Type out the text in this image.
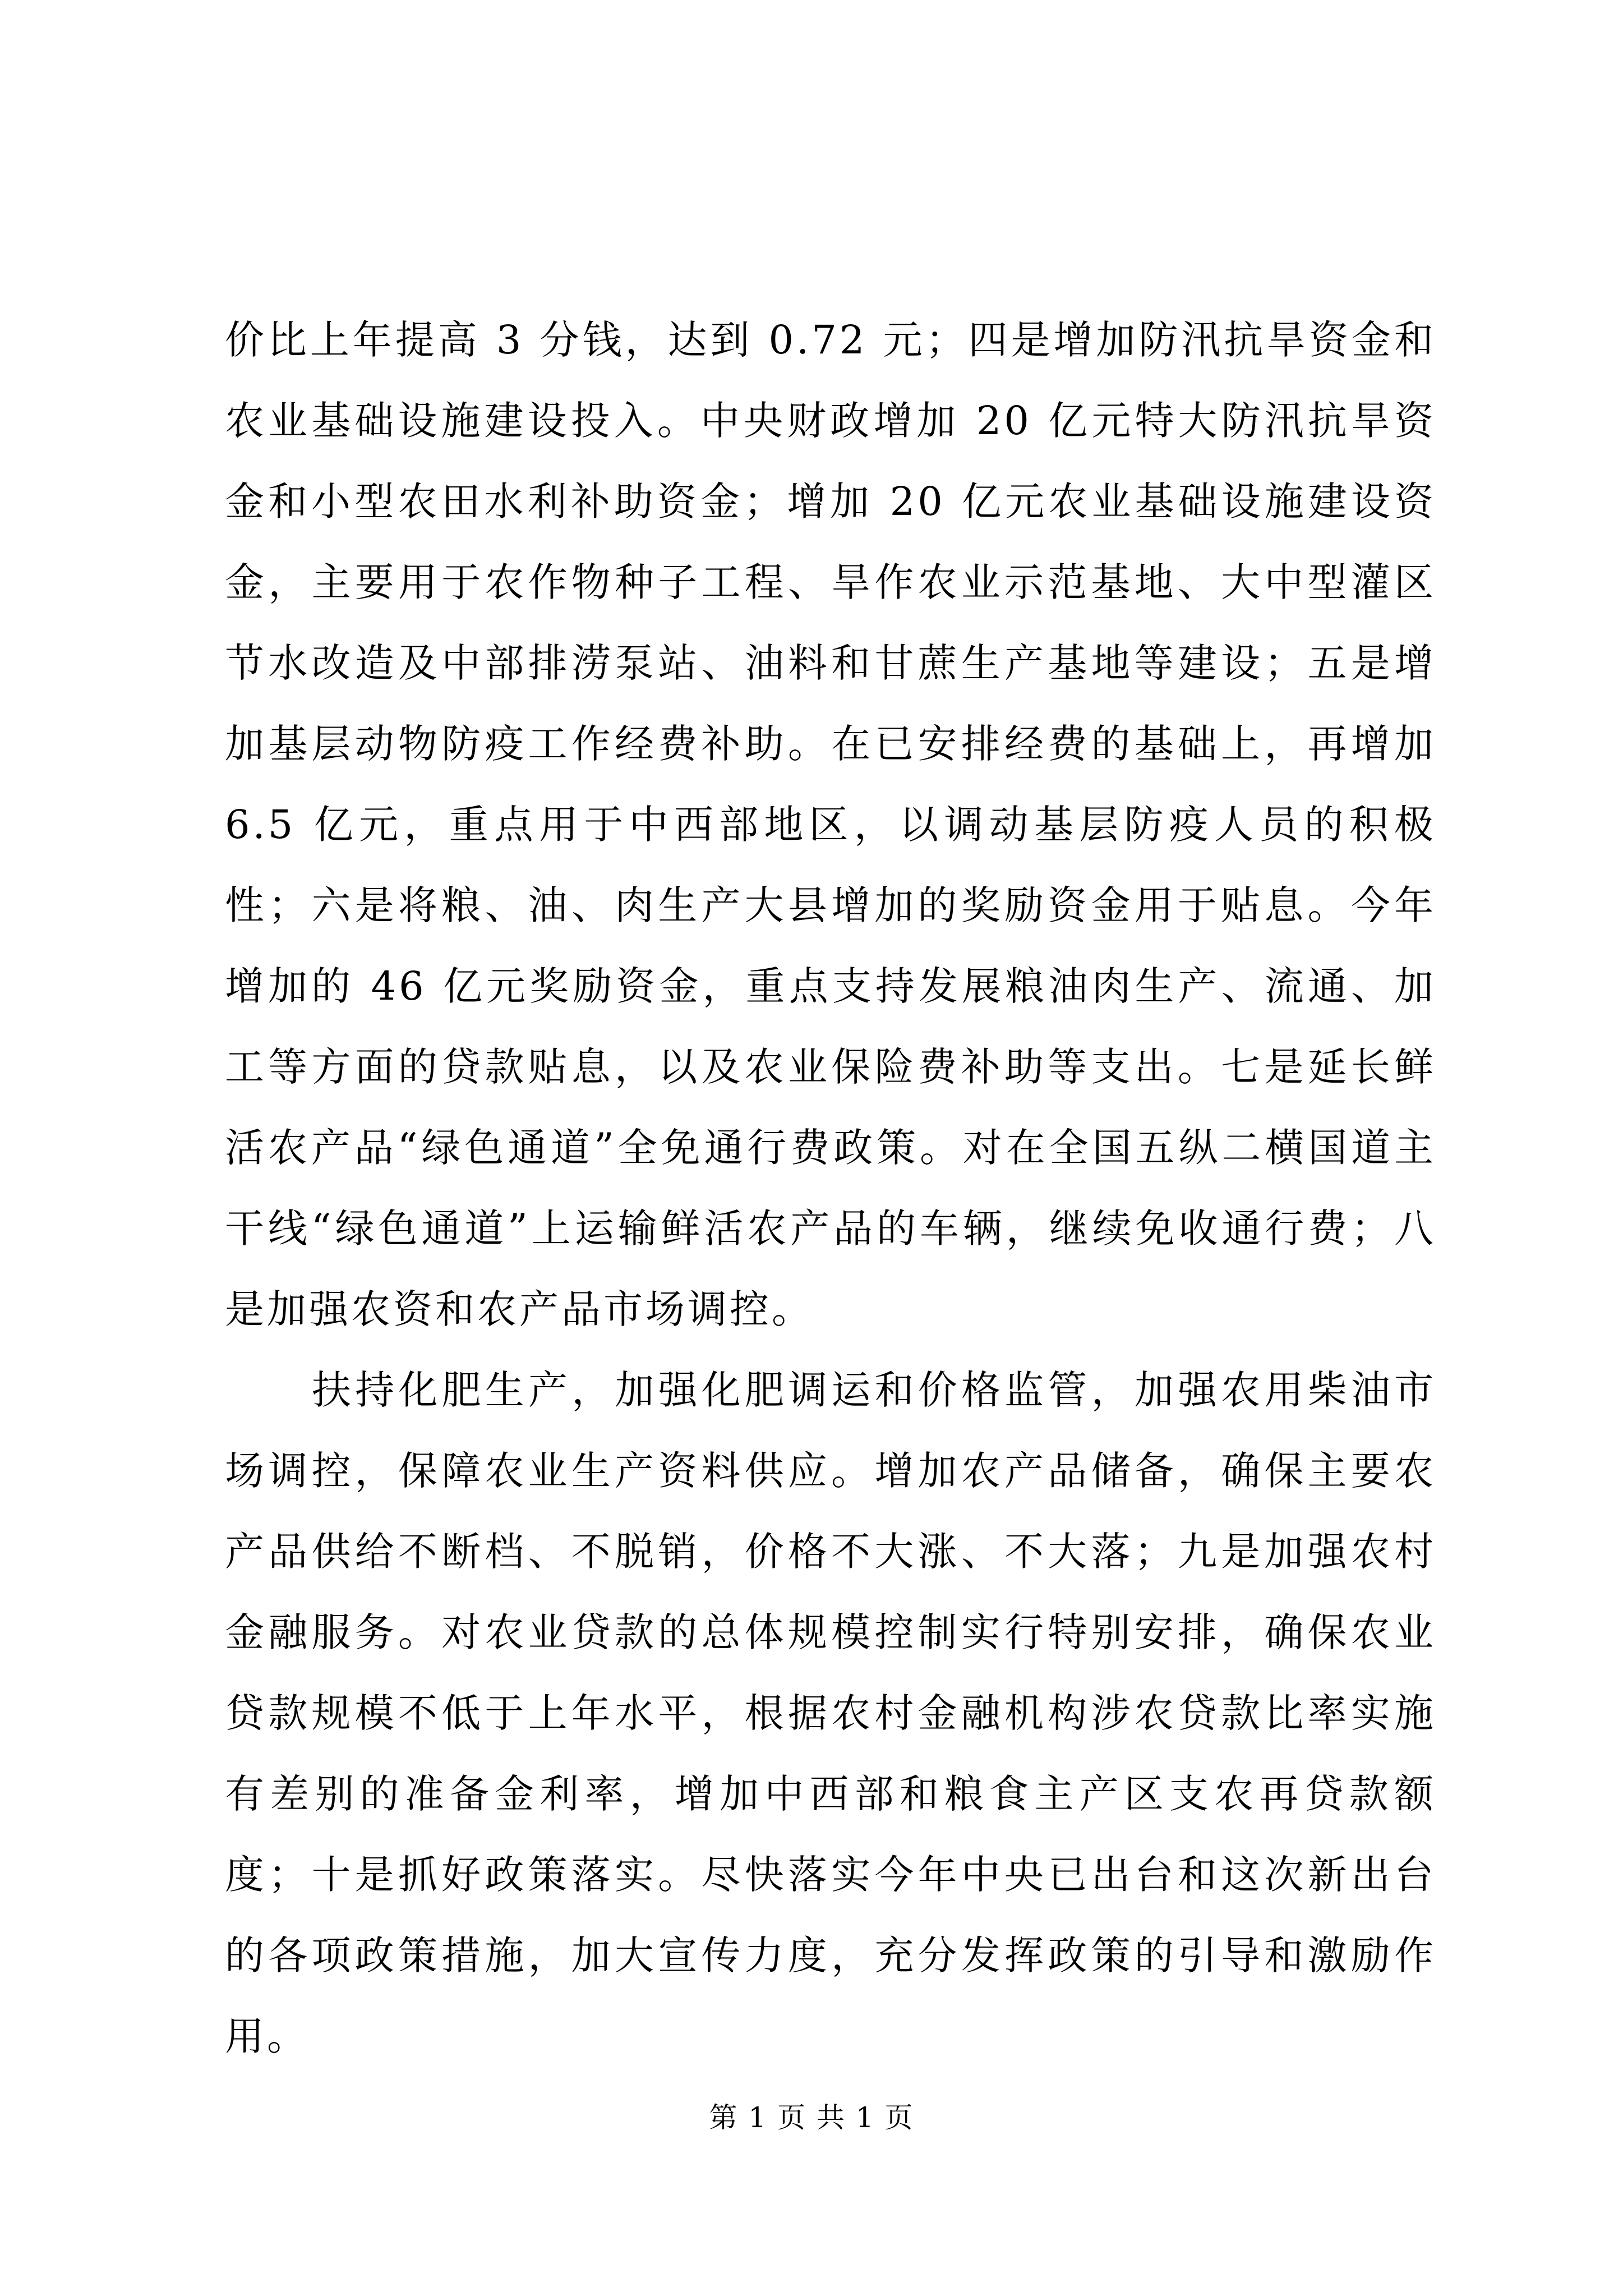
价比上年提高 3 分钱，达到 0.72 元；四是增加防汛抗旱资金和农业基础设施建设投入。中央财政增加 20 亿元特大防汛抗旱资金和小型农田水利补助资金；增加 20 亿元农业基础设施建设资金，主要用于农作物种子工程、旱作农业示范基地、大中型灌区节水改造及中部排涝泵站、油料和甘蔗生产基地等建设；五是增加基层动物防疫工作经费补助。在已安排经费的基础上，再增加 6.5 亿元，重点用于中西部地区，以调动基层防疫人员的积极性；六是将粮、油、肉生产大县增加的奖励资金用于贴息。今年增加的 46 亿元奖励资金，重点支持发展粮油肉生产、流通、加工等方面的贷款贴息，以及农业保险费补助等支出。七是延长鲜活农产品“绿色通道”全免通行费政策。对在全国五纵二横国道主干线“绿色通道”上运输鲜活农产品的车辆，继续免收通行费；八是加强农资和农产品市场调控。

扶持化肥生产，加强化肥调运和价格监管，加强农用柴油市场调控，保障农业生产资料供应。增加农产品储备，确保主要农产品供给不断档、不脱销，价格不大涨、不大落；九是加强农村金融服务。对农业贷款的总体规模控制实行特别安排，确保农业贷款规模不低于上年水平，根据农村金融机构涉农贷款比率实施有差别的准备金利率，增加中西部和粮食主产区支农再贷款额度；十是抓好政策落实。尽快落实今年中央已出台和这次新出台的各项政策措施，加大宣传力度，充分发挥政策的引导和激励作用。

第 1 页 共 1 页
